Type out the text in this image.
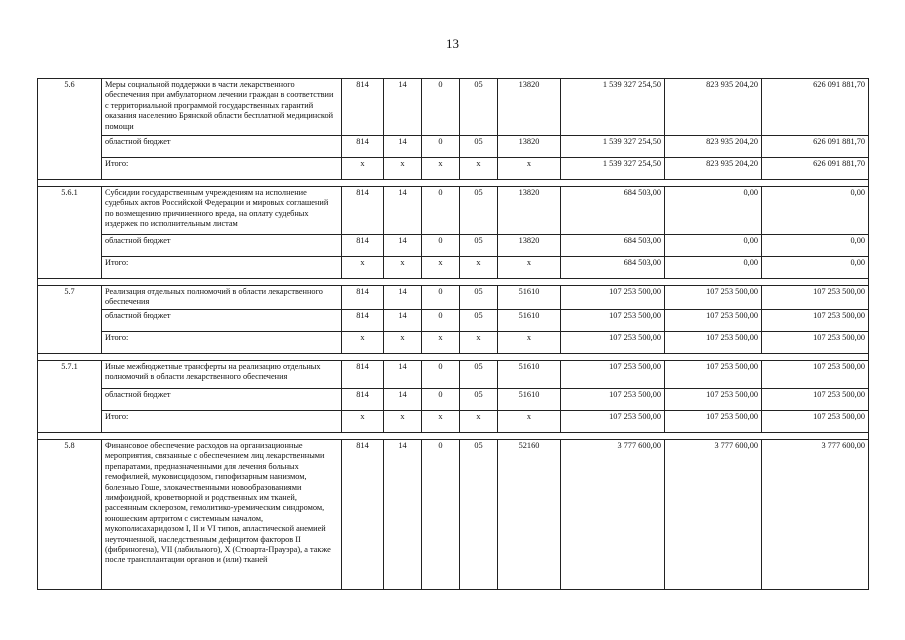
13
5.6	Меры социальной поддержки в части лекарственного обеспечения при амбулаторном лечении граждан в соответствии с территориальной программой государственных гарантий оказания населению Брянской области бесплатной медицинской помощи	814	14	0	05	13820	1 539 327 254,50	823 935 204,20	626 091 881,70
	областной бюджет	814	14	0	05	13820	1 539 327 254,50	823 935 204,20	626 091 881,70
	Итого:	x	x	x	x	x	1 539 327 254,50	823 935 204,20	626 091 881,70

5.6.1	Субсидии государственным учреждениям на исполнение судебных актов Российской Федерации и мировых соглашений по возмещению причиненного вреда, на оплату судебных издержек по исполнительным листам	814	14	0	05	13820	684 503,00	0,00	0,00
	областной бюджет	814	14	0	05	13820	684 503,00	0,00	0,00
	Итого:	x	x	x	x	x	684 503,00	0,00	0,00

5.7	Реализация отдельных полномочий в области лекарственного обеспечения	814	14	0	05	51610	107 253 500,00	107 253 500,00	107 253 500,00
	областной бюджет	814	14	0	05	51610	107 253 500,00	107 253 500,00	107 253 500,00
	Итого:	x	x	x	x	x	107 253 500,00	107 253 500,00	107 253 500,00

5.7.1	Иные межбюджетные трансферты на реализацию отдельных полномочий в области лекарственного обеспечения	814	14	0	05	51610	107 253 500,00	107 253 500,00	107 253 500,00
	областной бюджет	814	14	0	05	51610	107 253 500,00	107 253 500,00	107 253 500,00
	Итого:	x	x	x	x	x	107 253 500,00	107 253 500,00	107 253 500,00

5.8	Финансовое обеспечение расходов на организационные мероприятия, связанные с обеспечением лиц лекарственными препаратами, предназначенными для лечения больных гемофилией, муковисцидозом, гипофизарным нанизмом, болезнью Гоше, злокачественными новообразованиями лимфоидной, кроветворной и родственных им тканей, рассеянным склерозом, гемолитико-уремическим синдромом, юношеским артритом с системным началом, мукополисахаридозом I, II и VI типов, апластической анемией неуточненной, наследственным дефицитом факторов II (фибриногена), VII (лабильного), X (Стюарта-Прауэра), а также после трансплантации органов и (или) тканей	814	14	0	05	52160	3 777 600,00	3 777 600,00	3 777 600,00
